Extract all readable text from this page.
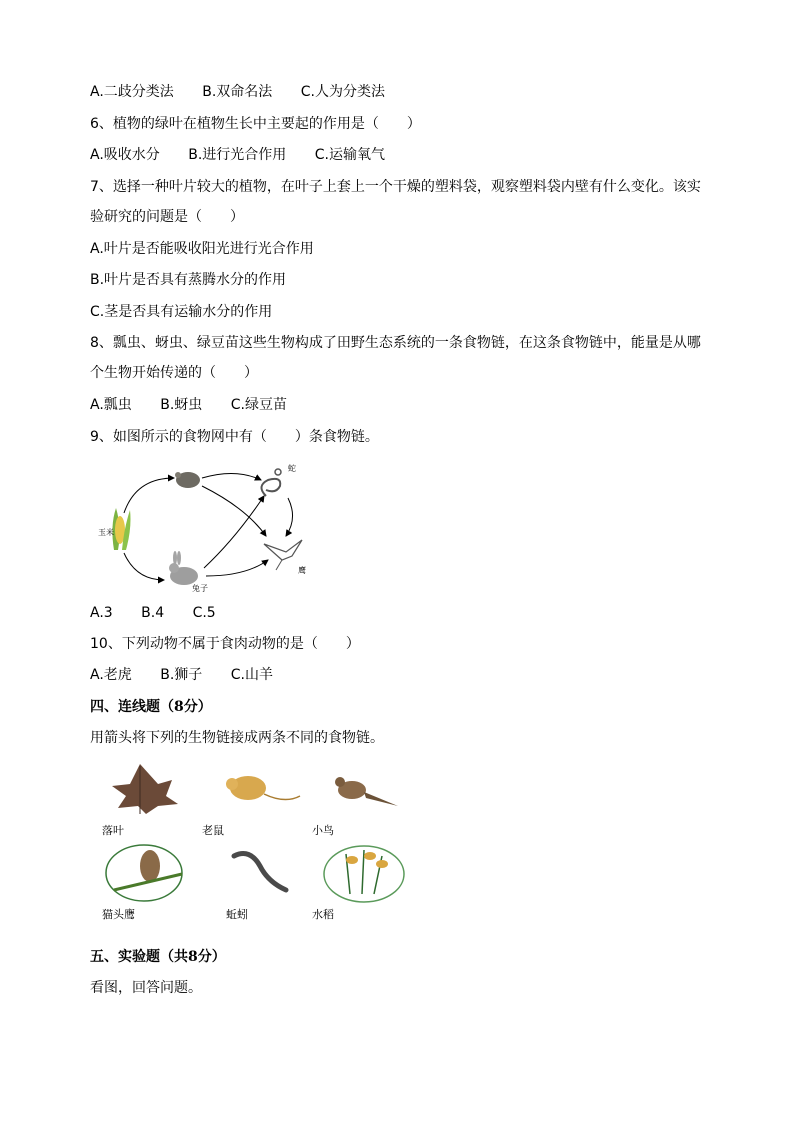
A.二歧分类法 B.双命名法 C.人为分类法
6、植物的绿叶在植物生长中主要起的作用是（　　）
A.吸收水分 B.进行光合作用 C.运输氧气
7、选择一种叶片较大的植物，在叶子上套上一个干燥的塑料袋，观察塑料袋内壁有什么变化。该实
验研究的问题是（　　）
A.叶片是否能吸收阳光进行光合作用
B.叶片是否具有蒸腾水分的作用
C.茎是否具有运输水分的作用
8、瓢虫、蚜虫、绿豆苗这些生物构成了田野生态系统的一条食物链，在这条食物链中，能量是从哪
个生物开始传递的（　　）
A.瓢虫 B.蚜虫 C.绿豆苗
9、如图所示的食物网中有（　　）条食物链。
玉米
兔子
蛇
鹰
A.3 B.4 C.5
10、下列动物不属于食肉动物的是（　　）
A.老虎 B.狮子 C.山羊
四、连线题（8分）
用箭头将下列的生物链接成两条不同的食物链。
落叶	老鼠	小鸟
猫头鹰	蚯蚓	水稻
五、实验题（共8分）
看图，回答问题。
